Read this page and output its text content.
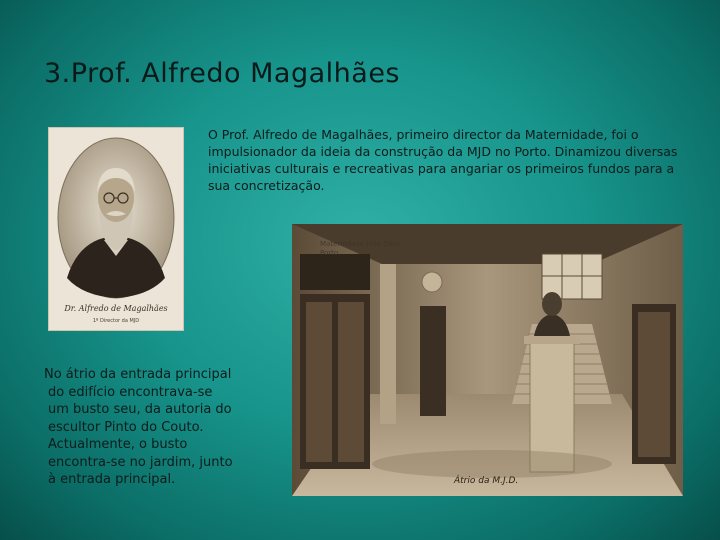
3.Prof. Alfredo Magalhães
Dr. Alfredo de Magalhães
1º Director da MJD
O Prof. Alfredo de Magalhães, primeiro director da Maternidade, foi o impulsionador da ideia da construção da MJD no Porto. Dinamizou diversas iniciativas culturais e recreativas para angariar os primeiros fundos para a sua concretização.
Maternidade Júlio Diniz
Porto
Átrio da M.J.D.
No átrio da entrada principal
do edifício encontrava-se
um busto seu, da autoria do
escultor Pinto do Couto.
Actualmente, o busto
encontra-se no jardim, junto
à entrada principal.
